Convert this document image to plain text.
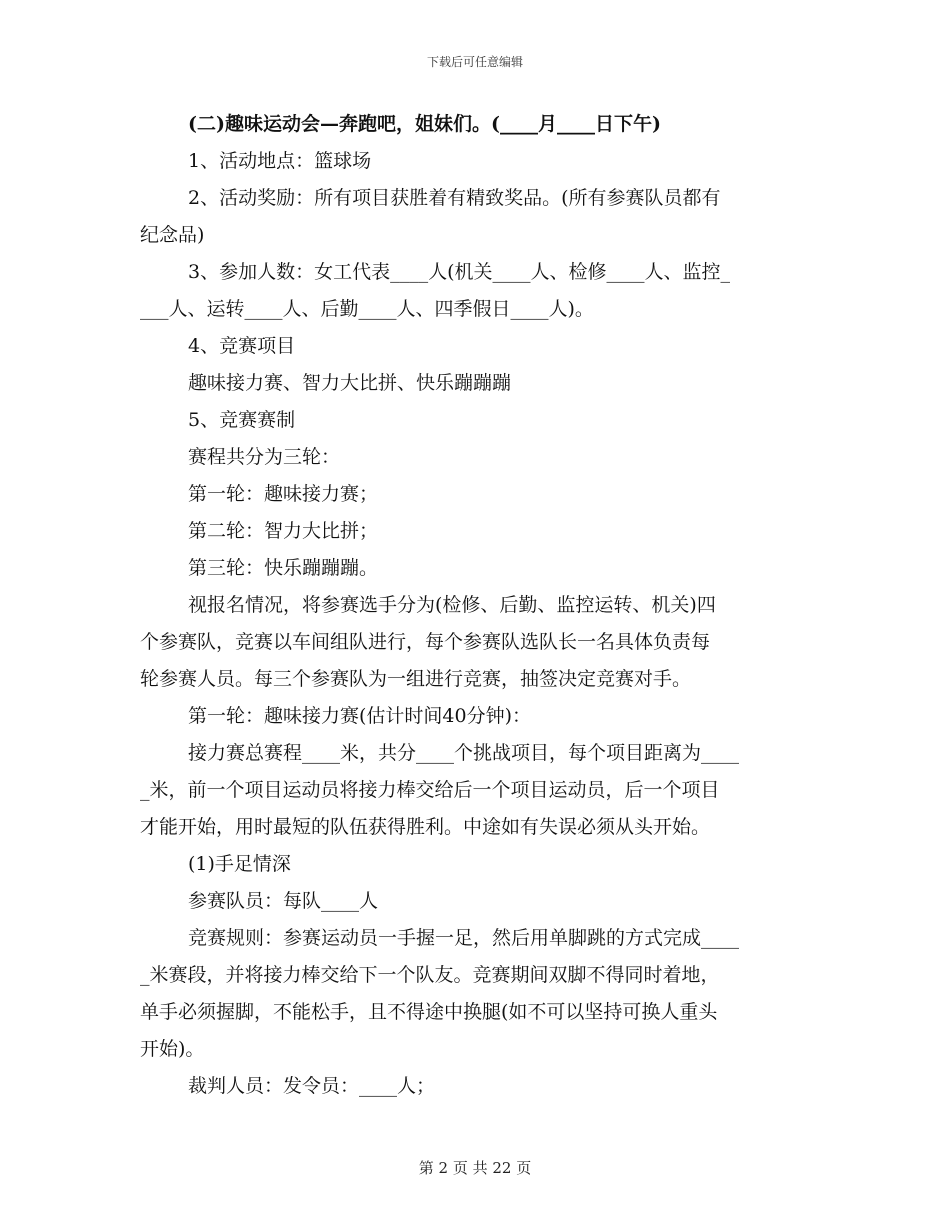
下载后可任意编辑
(二)趣味运动会—奔跑吧，姐妹们。(____月____日下午)
1、活动地点：篮球场
2、活动奖励：所有项目获胜着有精致奖品。(所有参赛队员都有
纪念品)
3、参加人数：女工代表____人(机关____人、检修____人、监控_
___人、运转____人、后勤____人、四季假日____人)。
4、竞赛项目
趣味接力赛、智力大比拼、快乐蹦蹦蹦
5、竞赛赛制
赛程共分为三轮：
第一轮：趣味接力赛；
第二轮：智力大比拼；
第三轮：快乐蹦蹦蹦。
视报名情况，将参赛选手分为(检修、后勤、监控运转、机关)四
个参赛队，竞赛以车间组队进行，每个参赛队选队长一名具体负责每
轮参赛人员。每三个参赛队为一组进行竞赛，抽签决定竞赛对手。
第一轮：趣味接力赛(估计时间40分钟)：
接力赛总赛程____米，共分____个挑战项目，每个项目距离为____
_米，前一个项目运动员将接力棒交给后一个项目运动员，后一个项目
才能开始，用时最短的队伍获得胜利。中途如有失误必须从头开始。
(1)手足情深
参赛队员：每队____人
竞赛规则：参赛运动员一手握一足，然后用单脚跳的方式完成____
_米赛段，并将接力棒交给下一个队友。竞赛期间双脚不得同时着地，
单手必须握脚，不能松手，且不得途中换腿(如不可以坚持可换人重头
开始)。
裁判人员：发令员：____人；
第 2 页 共 22 页
